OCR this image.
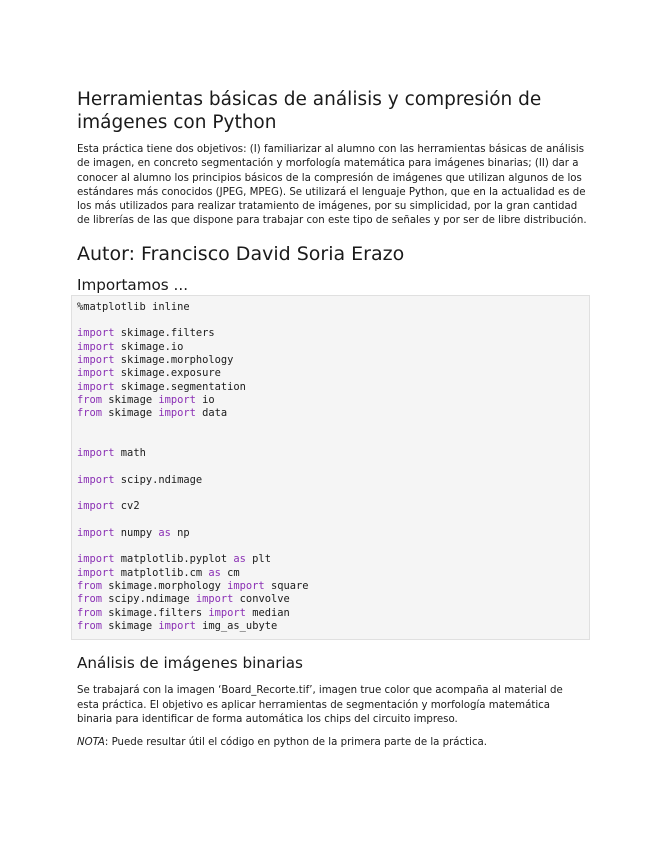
Herramientas básicas de análisis y compresión de imágenes con Python

Esta práctica tiene dos objetivos: (I) familiarizar al alumno con las herramientas básicas de análisis de imagen, en concreto segmentación y morfología matemática para imágenes binarias; (II) dar a conocer al alumno los principios básicos de la compresión de imágenes que utilizan algunos de los estándares más conocidos (JPEG, MPEG). Se utilizará el lenguaje Python, que en la actualidad es de los más utilizados para realizar tratamiento de imágenes, por su simplicidad, por la gran cantidad de librerías de las que dispone para trabajar con este tipo de señales y por ser de libre distribución.

Autor: Francisco David Soria Erazo
Importamos ...
%matplotlib inline
import skimage.filters
import skimage.io
import skimage.morphology
import skimage.exposure
import skimage.segmentation
from skimage import io
from skimage import data
import math
import scipy.ndimage
import cv2
import numpy as np
import matplotlib.pyplot as plt
import matplotlib.cm as cm
from skimage.morphology import square
from scipy.ndimage import convolve
from skimage.filters import median
from skimage import img_as_ubyte
Análisis de imágenes binarias

Se trabajará con la imagen ‘Board_Recorte.tif’, imagen true color que acompaña al material de esta práctica. El objetivo es aplicar herramientas de segmentación y morfología matemática binaria para identificar de forma automática los chips del circuito impreso.

NOTA: Puede resultar útil el código en python de la primera parte de la práctica.
